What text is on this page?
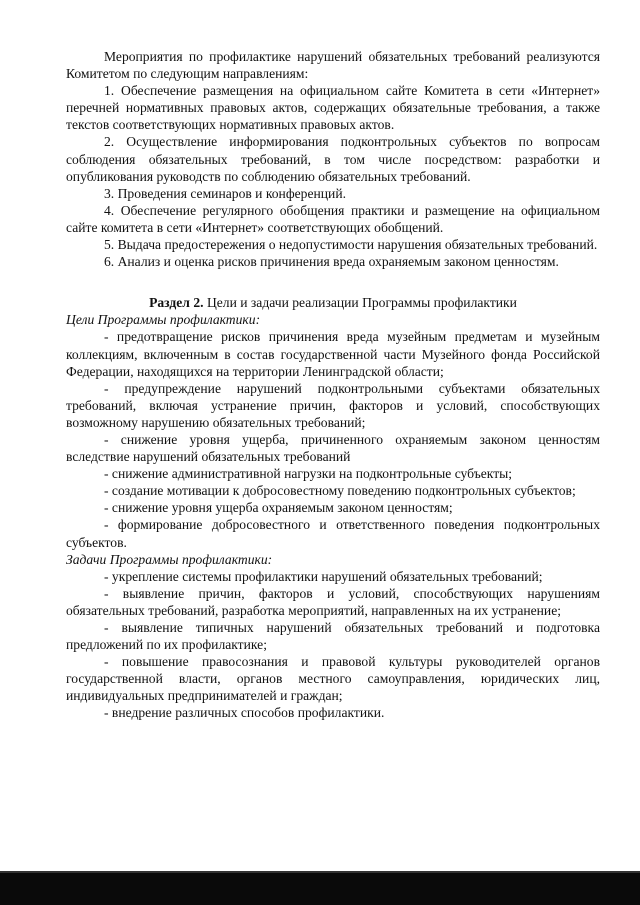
Мероприятия по профилактике нарушений обязательных требований реализуются Комитетом по следующим направлениям:

1. Обеспечение размещения на официальном сайте Комитета в сети «Интернет» перечней нормативных правовых актов, содержащих обязательные требования, а также текстов соответствующих нормативных правовых актов.

2. Осуществление информирования подконтрольных субъектов по вопросам соблюдения обязательных требований, в том числе посредством: разработки и опубликования руководств по соблюдению обязательных требований.

3. Проведения семинаров и конференций.

4. Обеспечение регулярного обобщения практики и размещение на официальном сайте комитета в сети «Интернет» соответствующих обобщений.

5. Выдача предостережения о недопустимости нарушения обязательных требований.

6. Анализ и оценка рисков причинения вреда охраняемым законом ценностям.

Раздел 2. Цели и задачи реализации Программы профилактики

Цели Программы профилактики:

- предотвращение рисков причинения вреда музейным предметам и музейным коллекциям, включенным в состав государственной части Музейного фонда Российской Федерации, находящихся на территории Ленинградской области;

- предупреждение нарушений подконтрольными субъектами обязательных требований, включая устранение причин, факторов и условий, способствующих возможному нарушению обязательных требований;

- снижение уровня ущерба, причиненного охраняемым законом ценностям вследствие нарушений обязательных требований

- снижение административной нагрузки на подконтрольные субъекты;

- создание мотивации к добросовестному поведению подконтрольных субъектов;

- снижение уровня ущерба охраняемым законом ценностям;

- формирование добросовестного и ответственного поведения подконтрольных субъектов.

Задачи Программы профилактики:

- укрепление системы профилактики нарушений обязательных требований;

- выявление причин, факторов и условий, способствующих нарушениям обязательных требований, разработка мероприятий, направленных на их устранение;

- выявление типичных нарушений обязательных требований и подготовка предложений по их профилактике;

- повышение правосознания и правовой культуры руководителей органов государственной власти, органов местного самоуправления, юридических лиц, индивидуальных предпринимателей и граждан;

- внедрение различных способов профилактики.
